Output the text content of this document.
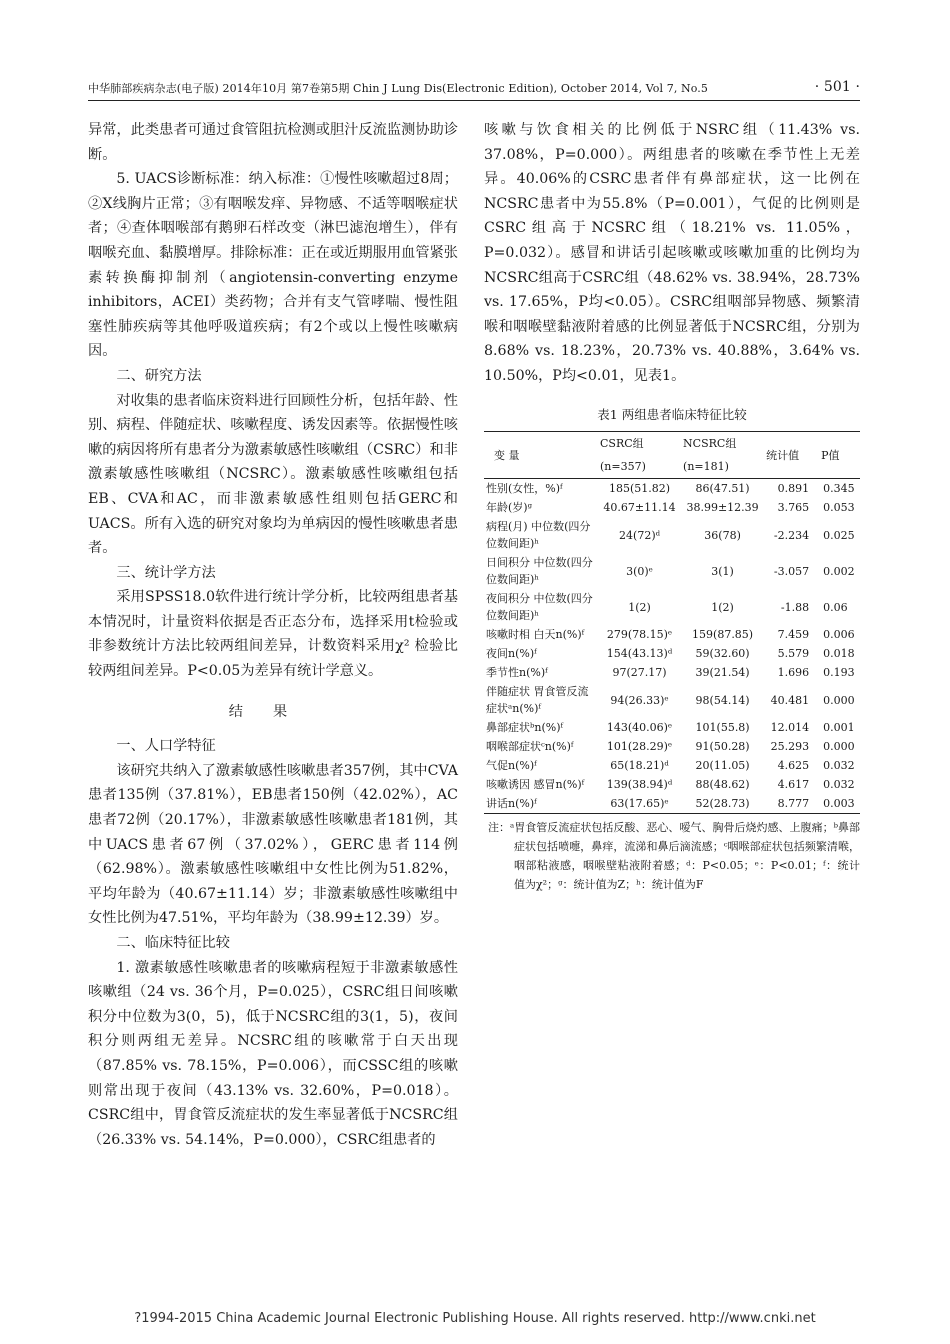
中华肺部疾病杂志(电子版) 2014年10月 第7卷第5期 Chin J Lung Dis(Electronic Edition), October 2014, Vol 7, No.5	· 501 ·

异常，此类患者可通过食管阻抗检测或胆汁反流监测协助诊断。

5. UACS诊断标准：纳入标准：①慢性咳嗽超过8周；②X线胸片正常；③有咽喉发痒、异物感、不适等咽喉症状者；④查体咽喉部有鹅卵石样改变（淋巴滤泡增生），伴有咽喉充血、黏膜增厚。排除标准：正在或近期服用血管紧张素转换酶抑制剂（angiotensin-converting enzyme inhibitors，ACEI）类药物；合并有支气管哮喘、慢性阻塞性肺疾病等其他呼吸道疾病；有2个或以上慢性咳嗽病因。

二、研究方法

对收集的患者临床资料进行回顾性分析，包括年龄、性别、病程、伴随症状、咳嗽程度、诱发因素等。依据慢性咳嗽的病因将所有患者分为激素敏感性咳嗽组（CSRC）和非激素敏感性咳嗽组（NCSRC）。激素敏感性咳嗽组包括EB、CVA和AC，而非激素敏感性组则包括GERC和UACS。所有入选的研究对象均为单病因的慢性咳嗽患者患者。

三、统计学方法

采用SPSS18.0软件进行统计学分析，比较两组患者基本情况时，计量资料依据是否正态分布，选择采用t检验或非参数统计方法比较两组间差异，计数资料采用χ² 检验比较两组间差异。P<0.05为差异有统计学意义。

结果

一、人口学特征

该研究共纳入了激素敏感性咳嗽患者357例，其中CVA患者135例（37.81%），EB患者150例（42.02%），AC患者72例（20.17%），非激素敏感性咳嗽患者181例，其中UACS患者67例（37.02%），GERC患者114例（62.98%）。激素敏感性咳嗽组中女性比例为51.82%，平均年龄为（40.67±11.14）岁；非激素敏感性咳嗽组中女性比例为47.51%，平均年龄为（38.99±12.39）岁。

二、临床特征比较

1. 激素敏感性咳嗽患者的咳嗽病程短于非激素敏感性咳嗽组（24 vs. 36个月，P=0.025），CSRC组日间咳嗽积分中位数为3(0，5)，低于NCSRC组的3(1，5)，夜间积分则两组无差异。NCSRC组的咳嗽常于白天出现（87.85% vs. 78.15%，P=0.006），而CSSC组的咳嗽则常出现于夜间（43.13% vs. 32.60%，P=0.018）。CSRC组中，胃食管反流症状的发生率显著低于NCSRC组（26.33% vs. 54.14%，P=0.000），CSRC组患者的

咳嗽与饮食相关的比例低于NSRC组（11.43% vs. 37.08%，P=0.000）。两组患者的咳嗽在季节性上无差异。40.06%的CSRC患者伴有鼻部症状，这一比例在NCSRC患者中为55.8%（P=0.001），气促的比例则是CSRC组高于NCSRC组（18.21% vs. 11.05%，P=0.032）。感冒和讲话引起咳嗽或咳嗽加重的比例均为NCSRC组高于CSRC组（48.62% vs. 38.94%，28.73% vs. 17.65%，P均<0.05）。CSRC组咽部异物感、频繁清喉和咽喉壁黏液附着感的比例显著低于NCSRC组，分别为8.68% vs. 18.23%，20.73% vs. 40.88%，3.64% vs. 10.50%，P均<0.01，见表1。

表1 两组患者临床特征比较

变 量	CSRC组	NCSRC组	统计值	P值
	(n=357)	(n=181)		
性别(女性，%)ᶠ	185(51.82)	86(47.51)	0.891	0.345
年龄(岁)ᵍ	40.67±11.14	38.99±12.39	3.765	0.053
病程(月) 中位数(四分位数间距)ʰ	24(72)ᵈ	36(78)	-2.234	0.025
日间积分 中位数(四分位数间距)ʰ	3(0)ᵉ	3(1)	-3.057	0.002
夜间积分 中位数(四分位数间距)ʰ	1(2)	1(2)	-1.88	0.06
咳嗽时相 白天n(%)ᶠ	279(78.15)ᵉ	159(87.85)	7.459	0.006
夜间n(%)ᶠ	154(43.13)ᵈ	59(32.60)	5.579	0.018
季节性n(%)ᶠ	97(27.17)	39(21.54)	1.696	0.193
伴随症状 胃食管反流症状ᵃn(%)ᶠ	94(26.33)ᵉ	98(54.14)	40.481	0.000
鼻部症状ᵇn(%)ᶠ	143(40.06)ᵉ	101(55.8)	12.014	0.001
咽喉部症状ᶜn(%)ᶠ	101(28.29)ᵉ	91(50.28)	25.293	0.000
气促n(%)ᶠ	65(18.21)ᵈ	20(11.05)	4.625	0.032
咳嗽诱因 感冒n(%)ᶠ	139(38.94)ᵈ	88(48.62)	4.617	0.032
讲话n(%)ᶠ	63(17.65)ᵉ	52(28.73)	8.777	0.003

注：ᵃ胃食管反流症状包括反酸、恶心、嗳气、胸骨后烧灼感、上腹痛；ᵇ鼻部症状包括喷嚏，鼻痒，流涕和鼻后滴流感；ᶜ咽喉部症状包括频繁清喉，咽部粘液感，咽喉壁粘液附着感；ᵈ：P<0.05；ᵉ：P<0.01；ᶠ：统计值为χ²；ᵍ：统计值为Z；ʰ：统计值为F

?1994-2015 China Academic Journal Electronic Publishing House. All rights reserved. http://www.cnki.net
